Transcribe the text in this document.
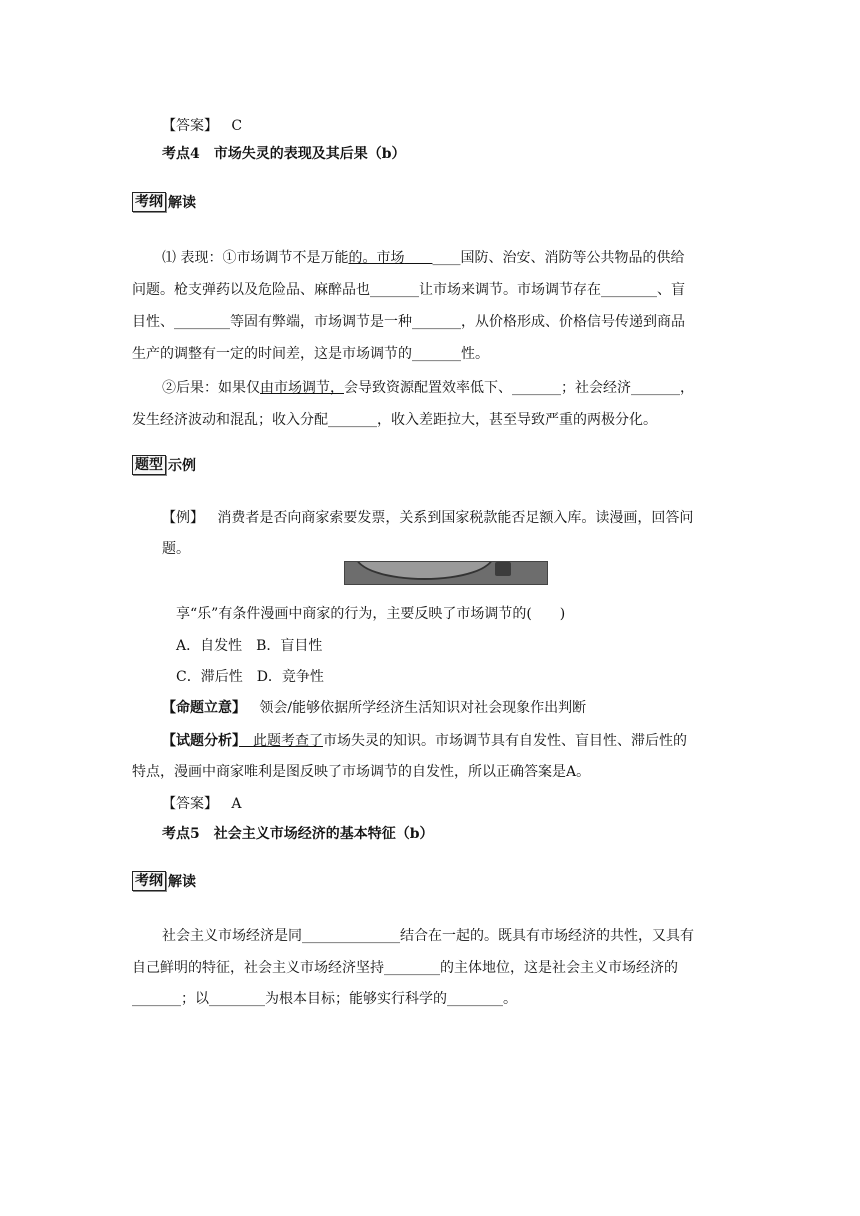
【答案】 C
考点4　市场失灵的表现及其后果（b）
考纲 解读
⑴ 表现：①市场调节不是万能的。市场　　 ____国防、治安、消防等公共物品的供给
问题。枪支弹药以及危险品、麻醉品也_______让市场来调节。市场调节存在________、盲
目性、________等固有弊端，市场调节是一种_______，从价格形成、价格信号传递到商品
生产的调整有一定的时间差，这是市场调节的_______性。
②后果：如果仅由市场调节，会导致资源配置效率低下、_______；社会经济_______，
发生经济波动和混乱；收入分配_______，收入差距拉大，甚至导致严重的两极分化。
题型 示例
【例】 消费者是否向商家索要发票，关系到国家税款能否足额入库。读漫画，回答问
题。
享“乐”有条件漫画中商家的行为，主要反映了市场调节的(　　)
A．自发性　B．盲目性
C．滞后性　D．竞争性
【命题立意】 领会/能够依据所学经济生活知识对社会现象作出判断
【试题分析】　此题考查了市场失灵的知识。市场调节具有自发性、盲目性、滞后性的
特点，漫画中商家唯利是图反映了市场调节的自发性，所以正确答案是A。
【答案】 A
考点5　社会主义市场经济的基本特征（b）
考纲 解读
社会主义市场经济是同______________结合在一起的。既具有市场经济的共性，又具有
自己鲜明的特征，社会主义市场经济坚持________的主体地位，这是社会主义市场经济的
_______；以________为根本目标；能够实行科学的________。
